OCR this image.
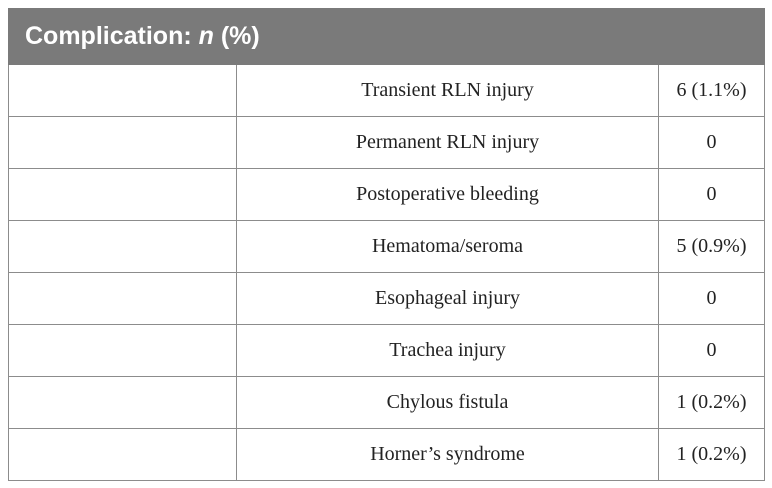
Complication: n (%)		
	Transient RLN injury	6 (1.1%)
	Permanent RLN injury	0
	Postoperative bleeding	0
	Hematoma/seroma	5 (0.9%)
	Esophageal injury	0
	Trachea injury	0
	Chylous fistula	1 (0.2%)
	Horner’s syndrome	1 (0.2%)
